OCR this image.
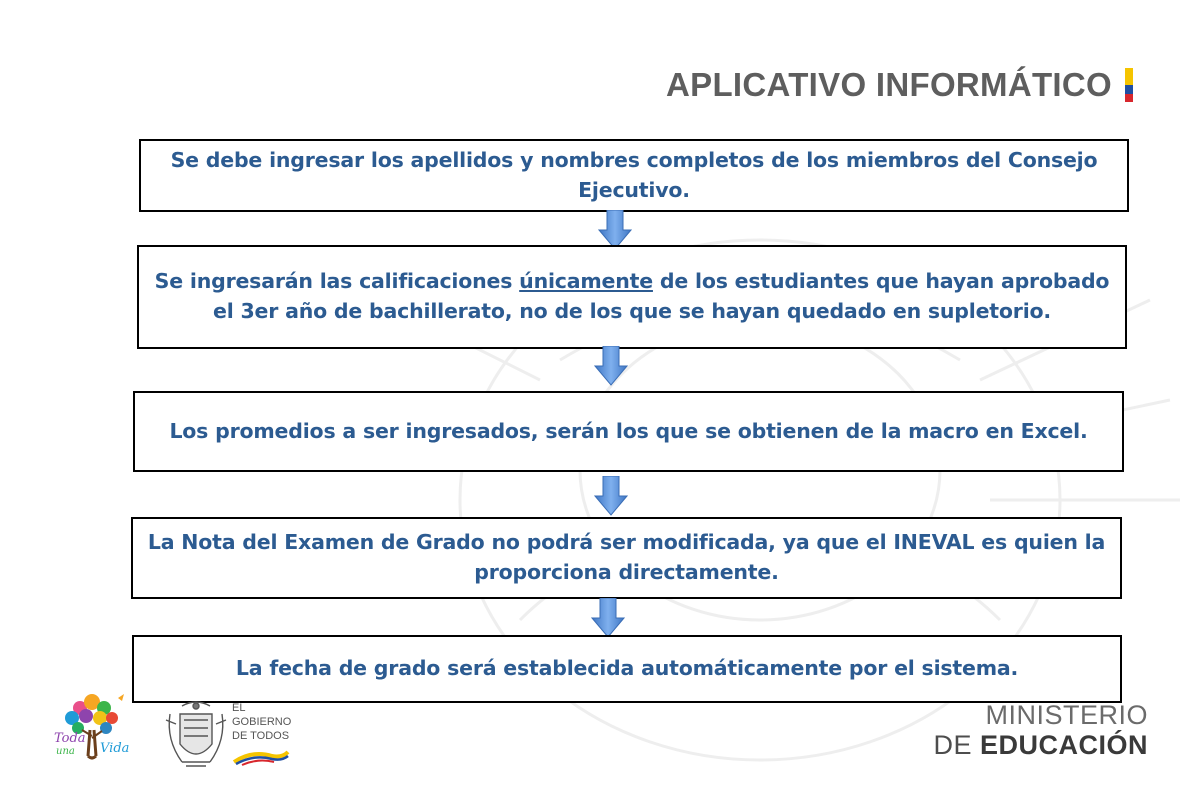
APLICATIVO INFORMÁTICO
Se debe ingresar los apellidos y nombres completos de los miembros del Consejo Ejecutivo.
Se ingresarán las calificaciones únicamente de los estudiantes que hayan aprobado el 3er año de bachillerato, no de los que se hayan quedado en supletorio.
Los promedios a ser ingresados, serán los que se obtienen de la macro en Excel.
La Nota del Examen de Grado no podrá ser modificada, ya que el INEVAL es quien la proporciona directamente.
La fecha de grado será establecida automáticamente por el sistema.
Toda
una Vida
EL
GOBIERNO
DE TODOS
MINISTERIO
DE EDUCACIÓN
